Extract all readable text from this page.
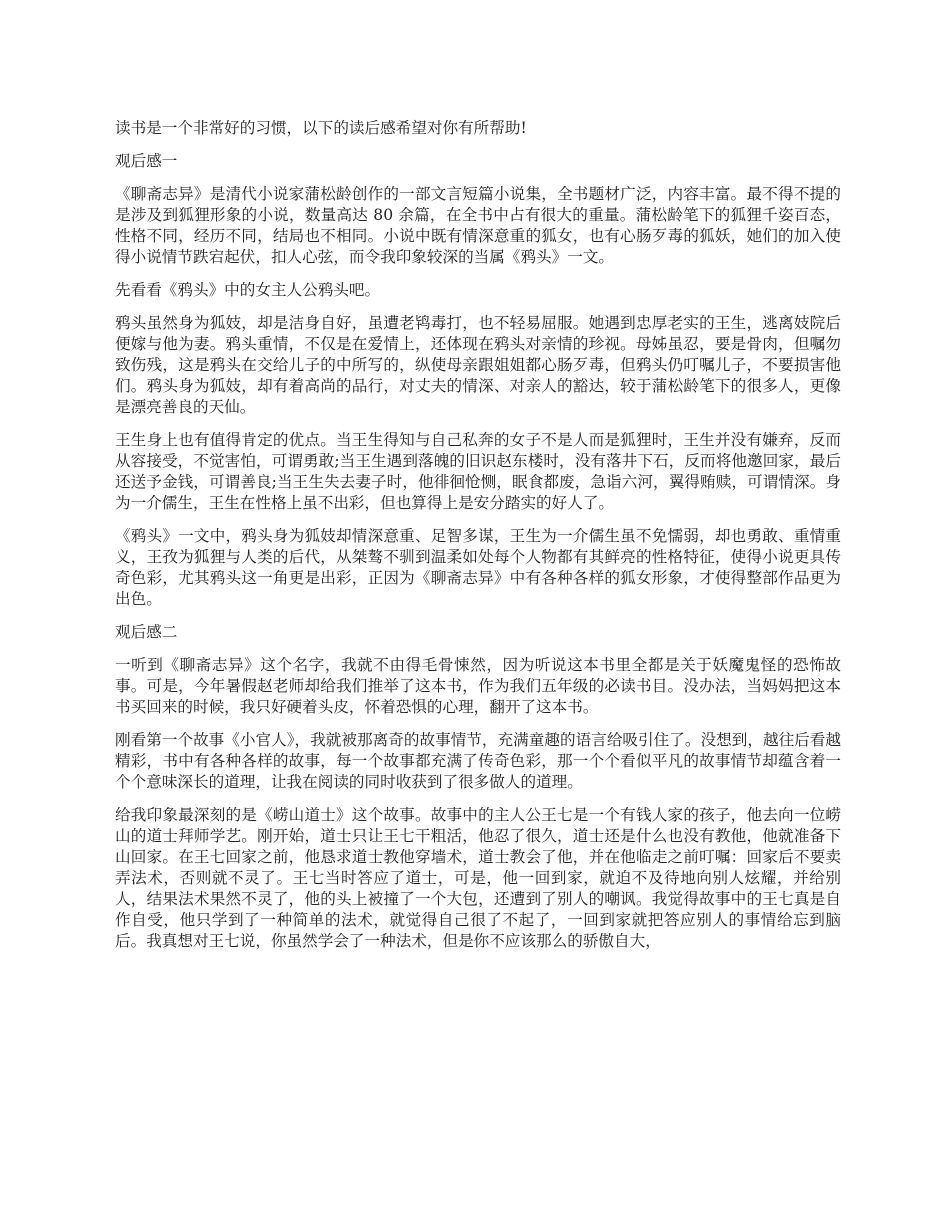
读书是一个非常好的习惯，以下的读后感希望对你有所帮助!

观后感一

《聊斋志异》是清代小说家蒲松龄创作的一部文言短篇小说集，全书题材广泛，内容丰富。最不得不提的是涉及到狐狸形象的小说，数量高达 80 余篇，在全书中占有很大的重量。蒲松龄笔下的狐狸千姿百态，性格不同，经历不同，结局也不相同。小说中既有情深意重的狐女，也有心肠歹毒的狐妖，她们的加入使得小说情节跌宕起伏，扣人心弦，而令我印象较深的当属《鸦头》一文。

先看看《鸦头》中的女主人公鸦头吧。

鸦头虽然身为狐妓，却是洁身自好，虽遭老鸨毒打，也不轻易屈服。她遇到忠厚老实的王生，逃离妓院后便嫁与他为妻。鸦头重情，不仅是在爱情上，还体现在鸦头对亲情的珍视。母姊虽忍，要是骨肉，但嘱勿致伤残，这是鸦头在交给儿子的中所写的，纵使母亲跟姐姐都心肠歹毒，但鸦头仍叮嘱儿子，不要损害他们。鸦头身为狐妓，却有着高尚的品行，对丈夫的情深、对亲人的豁达，较于蒲松龄笔下的很多人，更像是漂亮善良的天仙。

王生身上也有值得肯定的优点。当王生得知与自己私奔的女子不是人而是狐狸时，王生并没有嫌弃，反而从容接受，不觉害怕，可谓勇敢;当王生遇到落魄的旧识赵东楼时，没有落井下石，反而将他邀回家，最后还送予金钱，可谓善良;当王生失去妻子时，他徘徊怆恻，眠食都废，急诣六河，翼得贿赎，可谓情深。身为一介儒生，王生在性格上虽不出彩，但也算得上是安分踏实的好人了。

《鸦头》一文中，鸦头身为狐妓却情深意重、足智多谋，王生为一介儒生虽不免懦弱，却也勇敢、重情重义，王孜为狐狸与人类的后代，从桀骜不驯到温柔如处每个人物都有其鲜亮的性格特征，使得小说更具传奇色彩，尤其鸦头这一角更是出彩，正因为《聊斋志异》中有各种各样的狐女形象，才使得整部作品更为出色。

观后感二

一听到《聊斋志异》这个名字，我就不由得毛骨悚然，因为听说这本书里全都是关于妖魔鬼怪的恐怖故事。可是，今年暑假赵老师却给我们推举了这本书，作为我们五年级的必读书目。没办法，当妈妈把这本书买回来的时候，我只好硬着头皮，怀着恐惧的心理，翻开了这本书。

刚看第一个故事《小官人》，我就被那离奇的故事情节，充满童趣的语言给吸引住了。没想到，越往后看越精彩，书中有各种各样的故事，每一个故事都充满了传奇色彩，那一个个看似平凡的故事情节却蕴含着一个个意味深长的道理，让我在阅读的同时收获到了很多做人的道理。

给我印象最深刻的是《崂山道士》这个故事。故事中的主人公王七是一个有钱人家的孩子，他去向一位崂山的道士拜师学艺。刚开始，道士只让王七干粗活，他忍了很久，道士还是什么也没有教他，他就准备下山回家。在王七回家之前，他恳求道士教他穿墙术，道士教会了他，并在他临走之前叮嘱：回家后不要卖弄法术，否则就不灵了。王七当时答应了道士，可是，他一回到家，就迫不及待地向别人炫耀，并给别人，结果法术果然不灵了，他的头上被撞了一个大包，还遭到了别人的嘲讽。我觉得故事中的王七真是自作自受，他只学到了一种简单的法术，就觉得自己很了不起了，一回到家就把答应别人的事情给忘到脑后。我真想对王七说，你虽然学会了一种法术，但是你不应该那么的骄傲自大，
